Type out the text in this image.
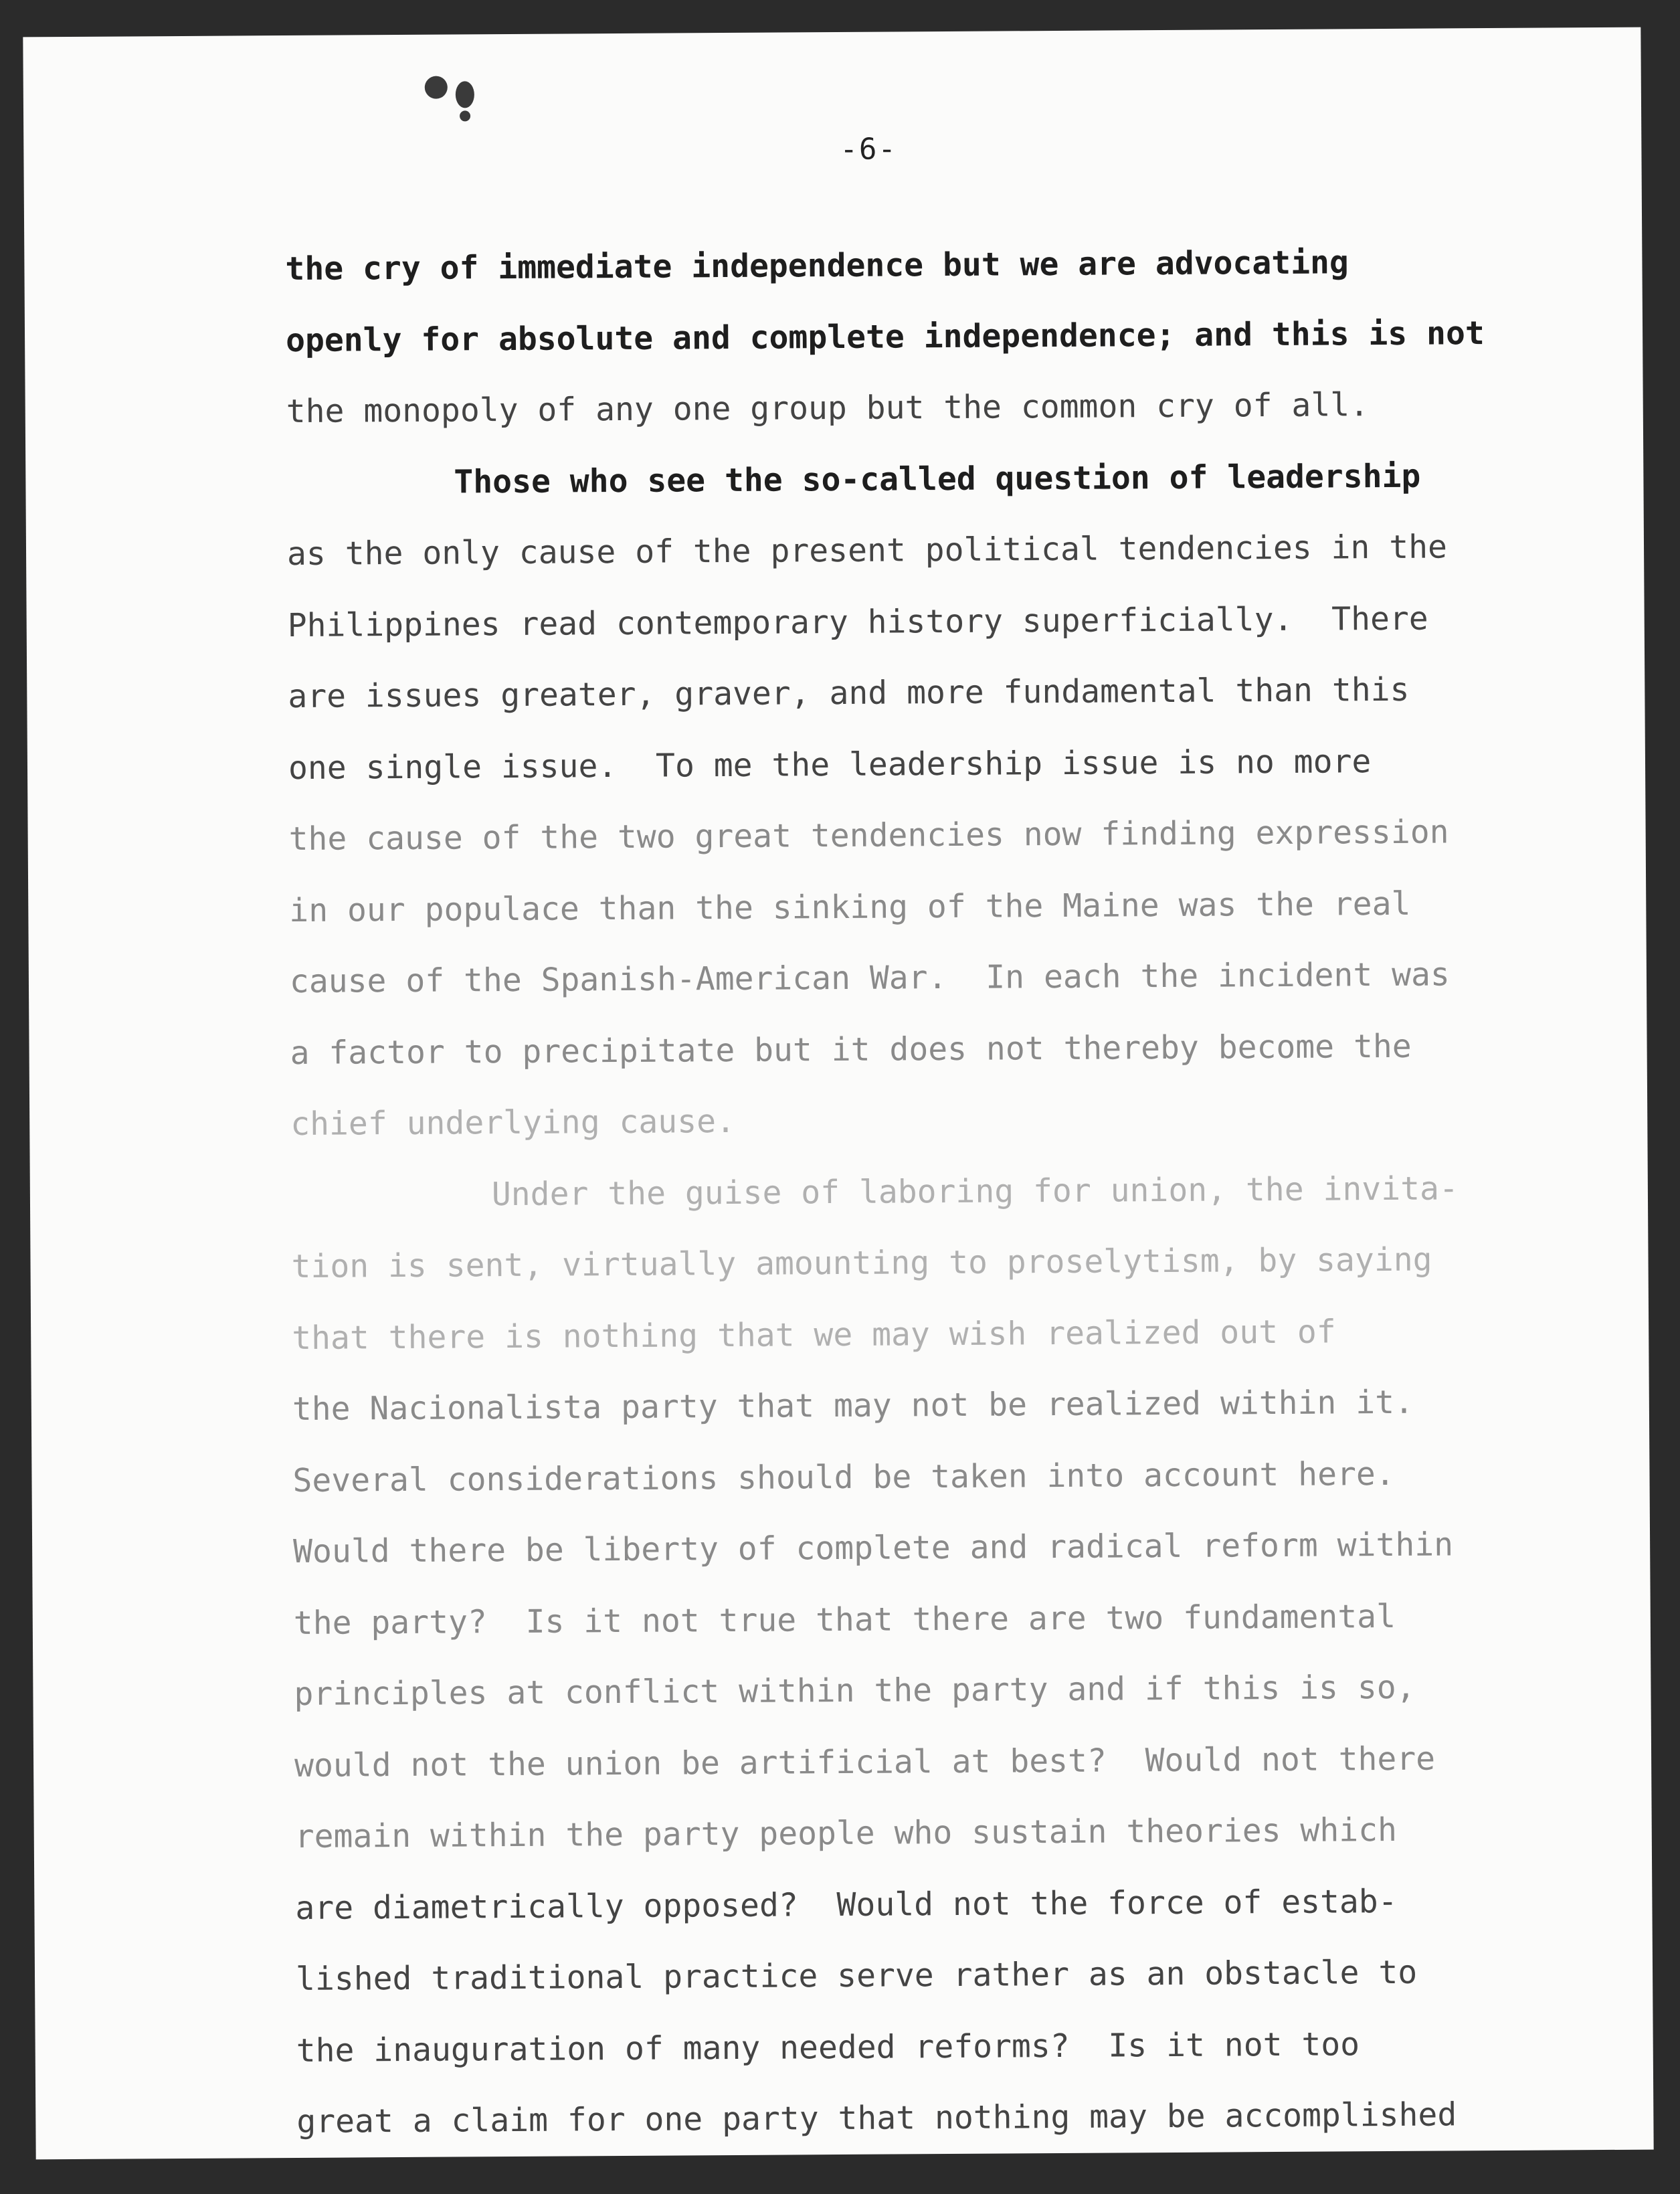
-6-
the cry of immediate independence but we are advocating
openly for absolute and complete independence; and this is not
the monopoly of any one group but the common cry of all.
Those who see the so-called question of leadership
as the only cause of the present political tendencies in the
Philippines read contemporary history superficially.  There
are issues greater, graver, and more fundamental than this
one single issue.  To me the leadership issue is no more
the cause of the two great tendencies now finding expression
in our populace than the sinking of the Maine was the real
cause of the Spanish-American War.  In each the incident was
a factor to precipitate but it does not thereby become the
chief underlying cause.
Under the guise of laboring for union, the invita-
tion is sent, virtually amounting to proselytism, by saying
that there is nothing that we may wish realized out of
the Nacionalista party that may not be realized within it.
Several considerations should be taken into account here.
Would there be liberty of complete and radical reform within
the party?  Is it not true that there are two fundamental
principles at conflict within the party and if this is so,
would not the union be artificial at best?  Would not there
remain within the party people who sustain theories which
are diametrically opposed?  Would not the force of estab-
lished traditional practice serve rather as an obstacle to
the inauguration of many needed reforms?  Is it not too
great a claim for one party that nothing may be accomplished
